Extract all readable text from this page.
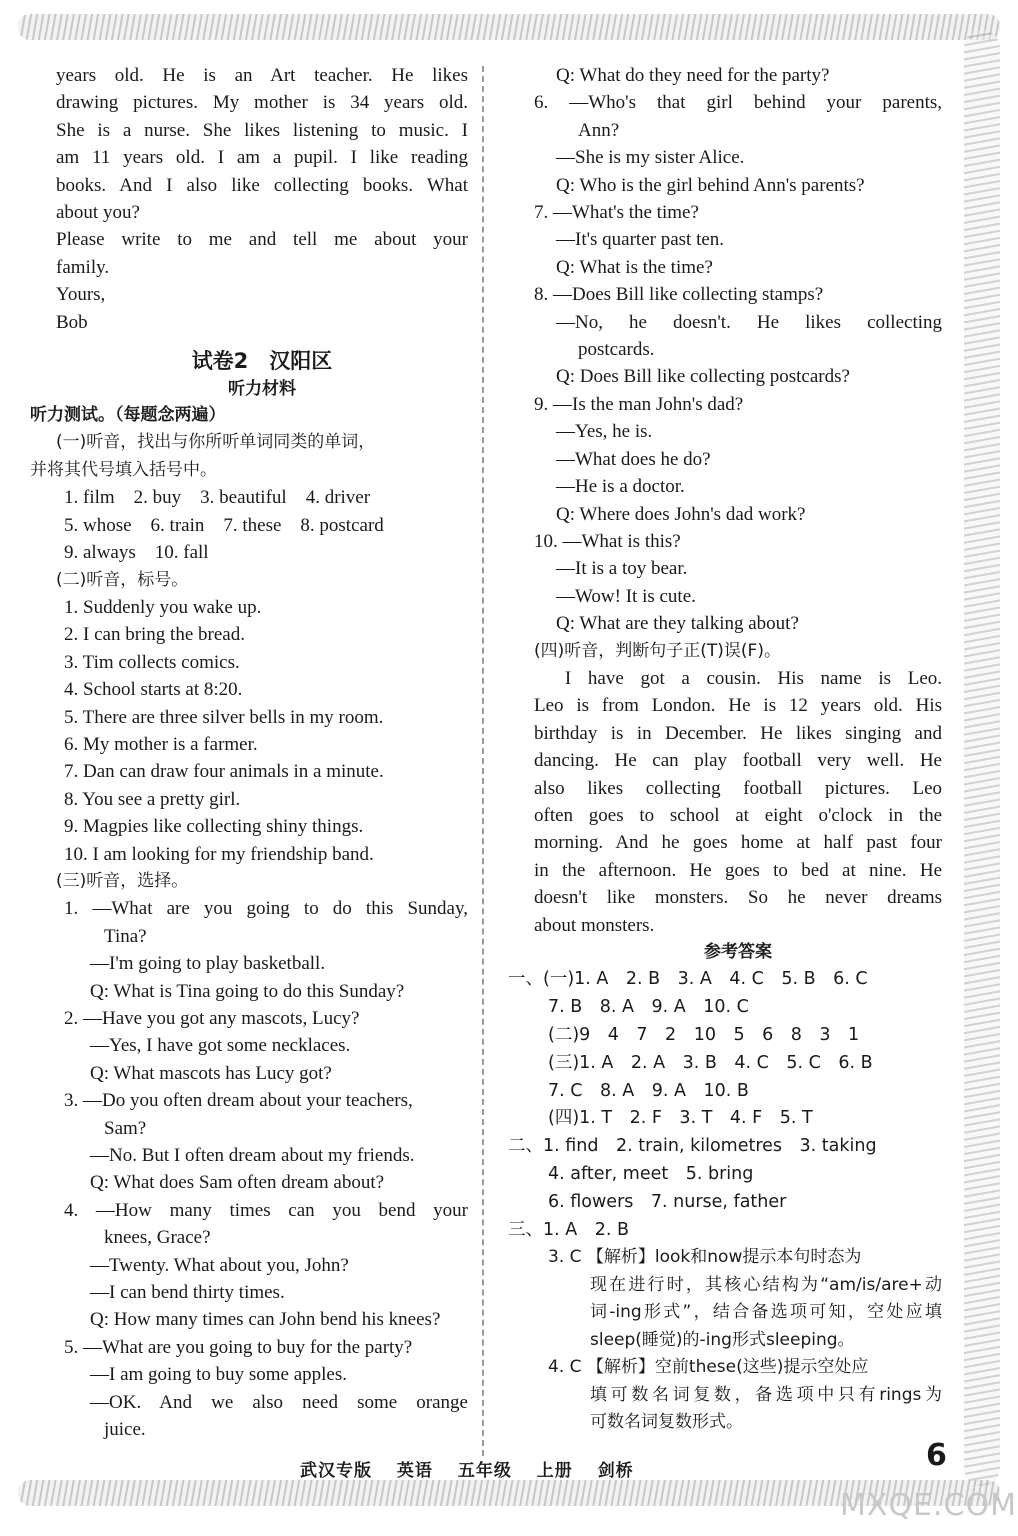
years old. He is an Art teacher. He likes
drawing pictures. My mother is 34 years old.
She is a nurse. She likes listening to music. I
am 11 years old. I am a pupil. I like reading
books. And I also like collecting books. What
about you?
Please write to me and tell me about your
family.
Yours,
Bob
试卷2　汉阳区
听力材料
听力测试。（每题念两遍）
(一)听音，找出与你所听单词同类的单词，
并将其代号填入括号中。
1. film　2. buy　3. beautiful　4. driver
5. whose　6. train　7. these　8. postcard
9. always　10. fall
(二)听音，标号。
1. Suddenly you wake up.
2. I can bring the bread.
3. Tim collects comics.
4. School starts at 8:20.
5. There are three silver bells in my room.
6. My mother is a farmer.
7. Dan can draw four animals in a minute.
8. You see a pretty girl.
9. Magpies like collecting shiny things.
10. I am looking for my friendship band.
(三)听音，选择。
1. —What are you going to do this Sunday,
Tina?
—I'm going to play basketball.
Q: What is Tina going to do this Sunday?
2. —Have you got any mascots, Lucy?
—Yes, I have got some necklaces.
Q: What mascots has Lucy got?
3. —Do you often dream about your teachers,
Sam?
—No. But I often dream about my friends.
Q: What does Sam often dream about?
4. —How many times can you bend your
knees, Grace?
—Twenty. What about you, John?
—I can bend thirty times.
Q: How many times can John bend his knees?
5. —What are you going to buy for the party?
—I am going to buy some apples.
—OK. And we also need some orange
juice.
Q: What do they need for the party?
6. —Who's that girl behind your parents,
Ann?
—She is my sister Alice.
Q: Who is the girl behind Ann's parents?
7. —What's the time?
—It's quarter past ten.
Q: What is the time?
8. —Does Bill like collecting stamps?
—No, he doesn't. He likes collecting
postcards.
Q: Does Bill like collecting postcards?
9. —Is the man John's dad?
—Yes, he is.
—What does he do?
—He is a doctor.
Q: Where does John's dad work?
10. —What is this?
—It is a toy bear.
—Wow! It is cute.
Q: What are they talking about?
(四)听音，判断句子正(T)误(F)。
　I have got a cousin. His name is Leo.
Leo is from London. He is 12 years old. His
birthday is in December. He likes singing and
dancing. He can play football very well. He
also likes collecting football pictures. Leo
often goes to school at eight o'clock in the
morning. And he goes home at half past four
in the afternoon. He goes to bed at nine. He
doesn't like monsters. So he never dreams
about monsters.
参考答案
一、(一)1. A　2. B　3. A　4. C　5. B　6. C
7. B　8. A　9. A　10. C
(二)9　4　7　2　10　5　6　8　3　1
(三)1. A　2. A　3. B　4. C　5. C　6. B
7. C　8. A　9. A　10. B
(四)1. T　2. F　3. T　4. F　5. T
二、1. find　2. train, kilometres　3. taking
4. after, meet　5. bring
6. flowers　7. nurse, father
三、1. A　2. B
3. C 【解析】look和now提示本句时态为
现在进行时，其核心结构为“am/is/are+动
词-ing形式”，结合备选项可知，空处应填
sleep(睡觉)的-ing形式sleeping。
4. C 【解析】空前these(这些)提示空处应
填可数名词复数，备选项中只有rings为
可数名词复数形式。
武汉专版 英语 五年级 上册 剑桥	6
MXQE.COM
